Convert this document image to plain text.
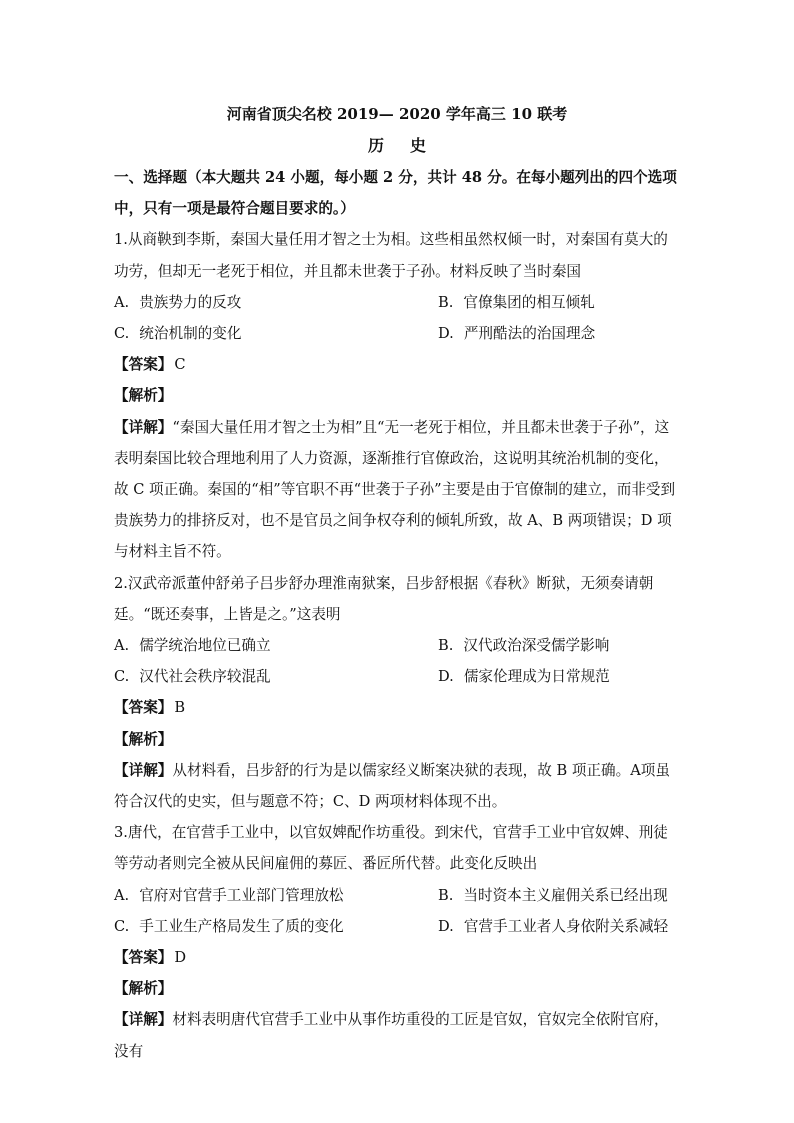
河南省顶尖名校 2019— 2020 学年高三 10 联考
历史

一、选择题（本大题共 24 小题，每小题 2 分，共计 48 分。在每小题列出的四个选项中，只有一项是最符合题目要求的。）

1.从商鞅到李斯，秦国大量任用才智之士为相。这些相虽然权倾一时，对秦国有莫大的功劳，但却无一老死于相位，并且都未世袭于子孙。材料反映了当时秦国

A. 贵族势力的反攻	B. 官僚集团的相互倾轧
C. 统治机制的变化	D. 严刑酷法的治国理念

【答案】 C

【解析】

【详解】“秦国大量任用才智之士为相”且“无一老死于相位，并且都未世袭于子孙”，这表明秦国比较合理地利用了人力资源，逐渐推行官僚政治，这说明其统治机制的变化，故 C 项正确。秦国的“相”等官职不再“世袭于子孙”主要是由于官僚制的建立，而非受到贵族势力的排挤反对，也不是官员之间争权夺利的倾轧所致，故 A、B 两项错误；D 项与材料主旨不符。

2.汉武帝派董仲舒弟子吕步舒办理淮南狱案，吕步舒根据《春秋》断狱，无须奏请朝廷。“既还奏事，上皆是之。”这表明

A. 儒学统治地位已确立	B. 汉代政治深受儒学影响
C. 汉代社会秩序较混乱	D. 儒家伦理成为日常规范

【答案】 B

【解析】

【详解】从材料看，吕步舒的行为是以儒家经义断案决狱的表现，故 B 项正确。A项虽符合汉代的史实，但与题意不符；C、D 两项材料体现不出。

3.唐代，在官营手工业中，以官奴婢配作坊重役。到宋代，官营手工业中官奴婢、刑徒等劳动者则完全被从民间雇佣的募匠、番匠所代替。此变化反映出

A. 官府对官营手工业部门管理放松	B. 当时资本主义雇佣关系已经出现
C. 手工业生产格局发生了质的变化	D. 官营手工业者人身依附关系减轻

【答案】 D

【解析】

【详解】材料表明唐代官营手工业中从事作坊重役的工匠是官奴，官奴完全依附官府，没有
